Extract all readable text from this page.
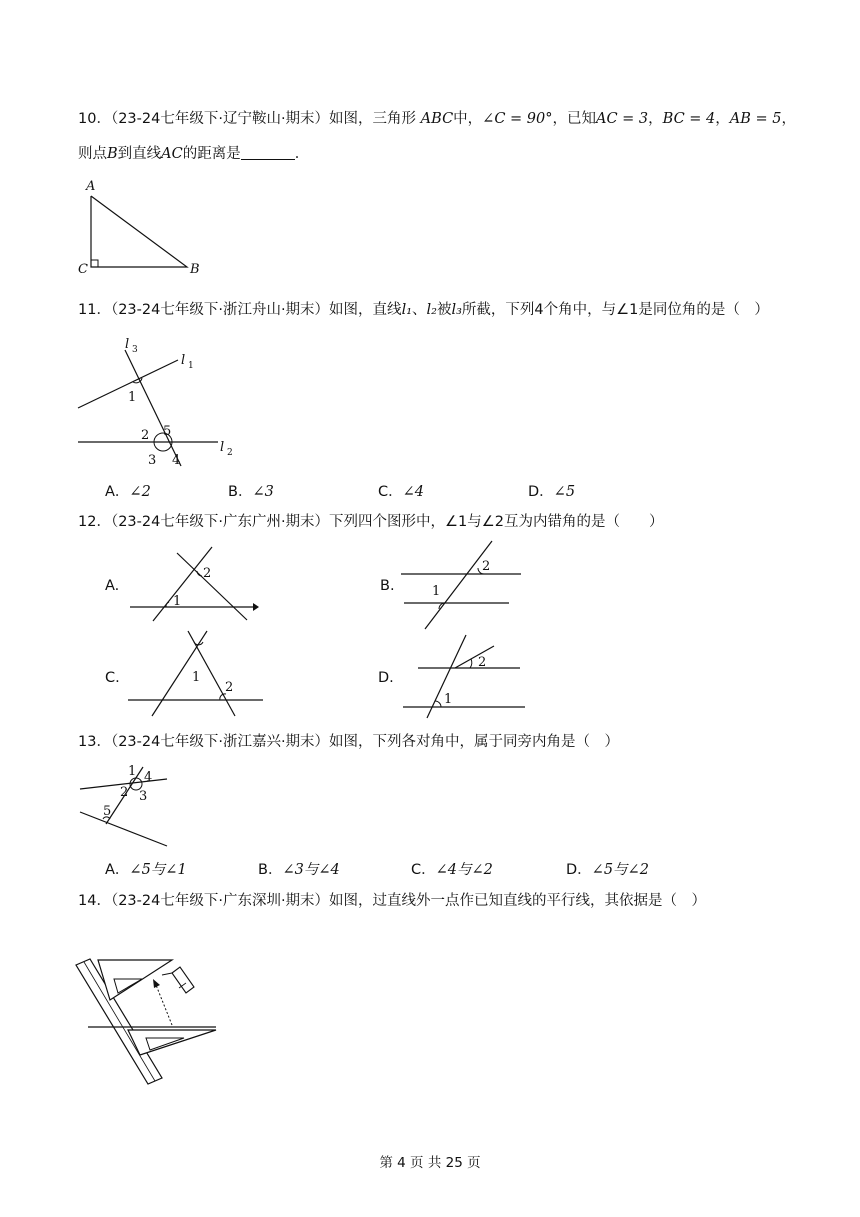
10．（23-24七年级下·辽宁鞍山·期末）如图，三角形 ABC中，∠C = 90°，已知AC = 3，BC = 4，AB = 5，
则点B到直线AC的距离是	．
A
C	B
11．（23-24七年级下·浙江舟山·期末）如图，直线l₁、l₂被l₃所截，下列4个角中，与∠1是同位角的是（　）
l 3
l 1
l 2
1
2 5
3 4
A．∠2	B．∠3	C．∠4	D．∠5
12．（23-24七年级下·广东广州·期末）下列四个图形中，∠1与∠2互为内错角的是（　　）
A.
2
1
B.
2
1
C.	1
2
D.
2
1
13．（23-24七年级下·浙江嘉兴·期末）如图，下列各对角中，属于同旁内角是（　）
1 4
2 3
5
A．∠5与∠1	B．∠3与∠4	C．∠4与∠2	D．∠5与∠2
14．（23-24七年级下·广东深圳·期末）如图，过直线外一点作已知直线的平行线，其依据是（　）
第 4 页 共 25 页
